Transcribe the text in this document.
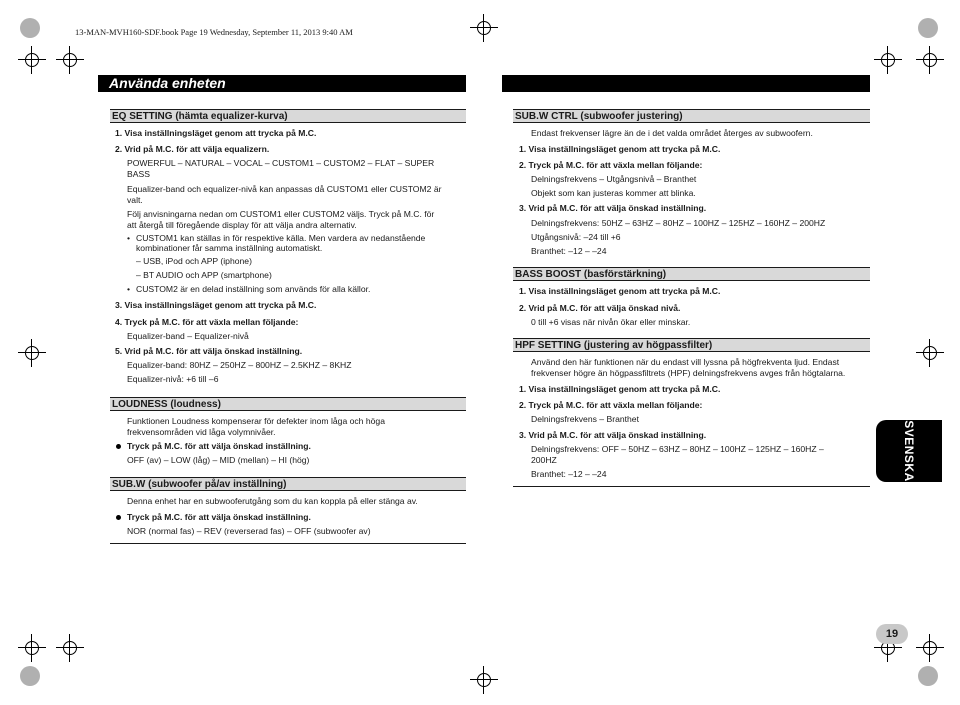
13-MAN-MVH160-SDF.book Page 19 Wednesday, September 11, 2013 9:40 AM
Använda enheten
EQ SETTING (hämta equalizer-kurva)
1. Visa inställningsläget genom att trycka på M.C.
2. Vrid på M.C. för att välja equalizern.
POWERFUL – NATURAL – VOCAL – CUSTOM1 – CUSTOM2 – FLAT – SUPER
BASS
Equalizer-band och equalizer-nivå kan anpassas då CUSTOM1 eller CUSTOM2 är
valt.
Följ anvisningarna nedan om CUSTOM1 eller CUSTOM2 väljs. Tryck på M.C. för
att återgå till föregående display för att välja andra alternativ.
• CUSTOM1 kan ställas in för respektive källa. Men vardera av nedanstående
kombinationer får samma inställning automatiskt.
– USB, iPod och APP (iphone)
– BT AUDIO och APP (smartphone)
• CUSTOM2 är en delad inställning som används för alla källor.
3. Visa inställningsläget genom att trycka på M.C.
4. Tryck på M.C. för att växla mellan följande:
Equalizer-band – Equalizer-nivå
5. Vrid på M.C. för att välja önskad inställning.
Equalizer-band: 80HZ – 250HZ – 800HZ – 2.5KHZ – 8KHZ
Equalizer-nivå: +6 till –6
LOUDNESS (loudness)
Funktionen Loudness kompenserar för defekter inom låga och höga
frekvensområden vid låga volymnivåer.
Tryck på M.C. för att välja önskad inställning.
OFF (av) – LOW (låg) – MID (mellan) – HI (hög)
SUB.W (subwoofer på/av inställning)
Denna enhet har en subwooferutgång som du kan koppla på eller stänga av.
Tryck på M.C. för att välja önskad inställning.
NOR (normal fas) – REV (reverserad fas) – OFF (subwoofer av)
SUB.W CTRL (subwoofer justering)
Endast frekvenser lägre än de i det valda området återges av subwoofern.
1. Visa inställningsläget genom att trycka på M.C.
2. Tryck på M.C. för att växla mellan följande:
Delningsfrekvens – Utgångsnivå – Branthet
Objekt som kan justeras kommer att blinka.
3. Vrid på M.C. för att välja önskad inställning.
Delningsfrekvens: 50HZ – 63HZ – 80HZ – 100HZ – 125HZ – 160HZ – 200HZ
Utgångsnivå: –24 till +6
Branthet: –12 – –24
BASS BOOST (basförstärkning)
1. Visa inställningsläget genom att trycka på M.C.
2. Vrid på M.C. för att välja önskad nivå.
0 till +6 visas när nivån ökar eller minskar.
HPF SETTING (justering av högpassfilter)
Använd den här funktionen när du endast vill lyssna på högfrekventa ljud. Endast
frekvenser högre än högpassfiltrets (HPF) delningsfrekvens avges från högtalarna.
1. Visa inställningsläget genom att trycka på M.C.
2. Tryck på M.C. för att växla mellan följande:
Delningsfrekvens – Branthet
3. Vrid på M.C. för att välja önskad inställning.
Delningsfrekvens: OFF – 50HZ – 63HZ – 80HZ – 100HZ – 125HZ – 160HZ –
200HZ
Branthet: –12 – –24	SVENSKA
19
